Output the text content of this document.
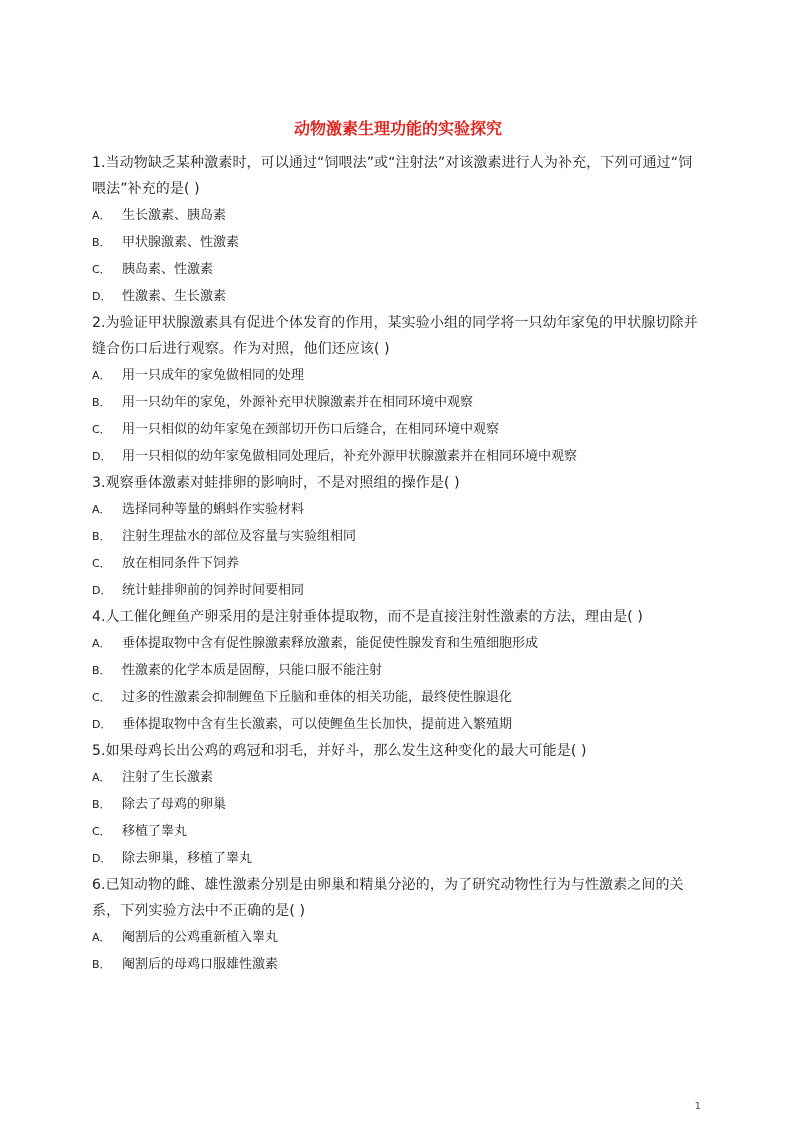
动物激素生理功能的实验探究

1.当动物缺乏某种激素时，可以通过“饲喂法”或“注射法”对该激素进行人为补充，下列可通过“饲喂法”补充的是( )

A． 生长激素、胰岛素

B． 甲状腺激素、性激素

C． 胰岛素、性激素

D． 性激素、生长激素

2.为验证甲状腺激素具有促进个体发育的作用，某实验小组的同学将一只幼年家兔的甲状腺切除并缝合伤口后进行观察。作为对照，他们还应该( )

A． 用一只成年的家兔做相同的处理

B． 用一只幼年的家兔，外源补充甲状腺激素并在相同环境中观察

C． 用一只相似的幼年家兔在颈部切开伤口后缝合，在相同环境中观察

D． 用一只相似的幼年家兔做相同处理后，补充外源甲状腺激素并在相同环境中观察

3.观察垂体激素对蛙排卵的影响时，不是对照组的操作是( )

A． 选择同种等量的蝌蚪作实验材料

B． 注射生理盐水的部位及容量与实验组相同

C． 放在相同条件下饲养

D． 统计蛙排卵前的饲养时间要相同

4.人工催化鲤鱼产卵采用的是注射垂体提取物，而不是直接注射性激素的方法，理由是( )

A． 垂体提取物中含有促性腺激素释放激素，能促使性腺发育和生殖细胞形成

B． 性激素的化学本质是固醇，只能口服不能注射

C． 过多的性激素会抑制鲤鱼下丘脑和垂体的相关功能，最终使性腺退化

D． 垂体提取物中含有生长激素，可以使鲤鱼生长加快，提前进入繁殖期

5.如果母鸡长出公鸡的鸡冠和羽毛，并好斗，那么发生这种变化的最大可能是( )

A． 注射了生长激素

B． 除去了母鸡的卵巢

C． 移植了睾丸

D． 除去卵巢，移植了睾丸

6.已知动物的雌、雄性激素分别是由卵巢和精巢分泌的，为了研究动物性行为与性激素之间的关系，下列实验方法中不正确的是( )

A． 阉割后的公鸡重新植入睾丸

B． 阉割后的母鸡口服雄性激素

1
